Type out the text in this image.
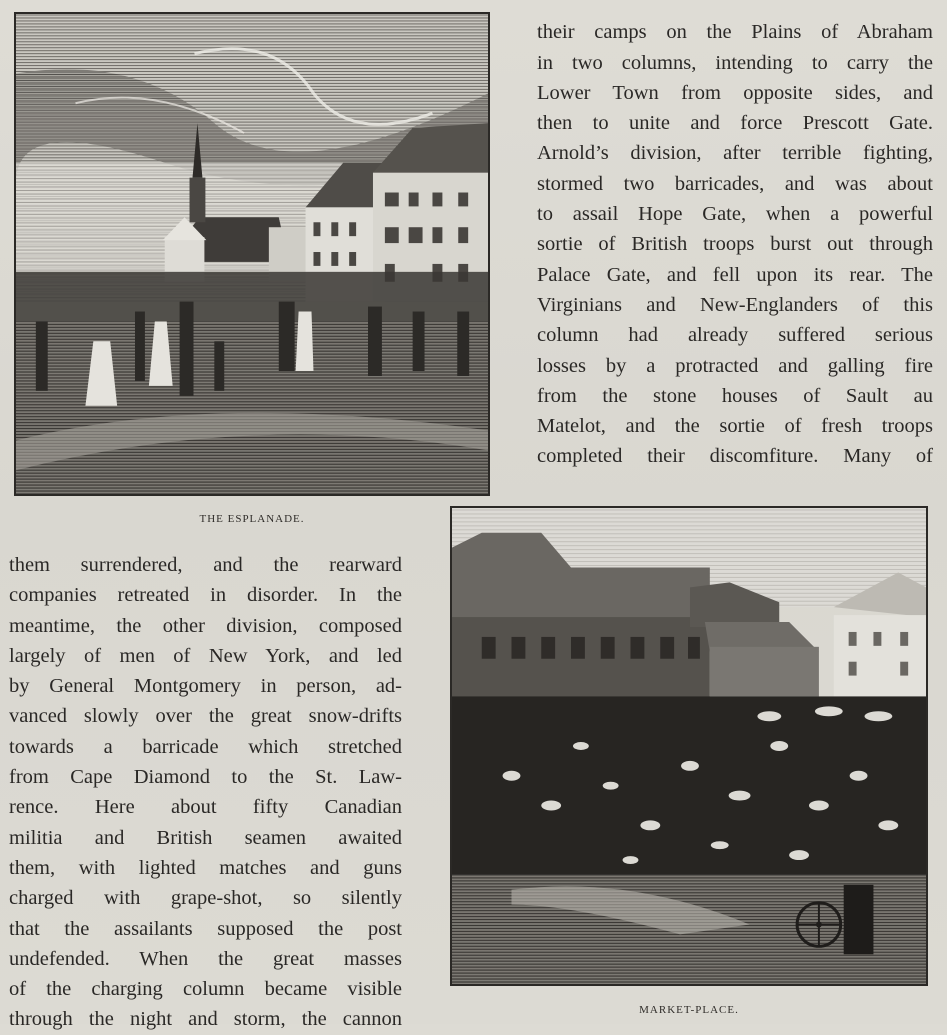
their camps on the Plains of Abraham
in two columns, intending to carry the
Lower Town from opposite sides, and
then to unite and force Prescott Gate.
Arnold’s division, after terrible fighting,
stormed two barricades, and was about
to assail Hope Gate, when a powerful
sortie of British troops burst out through
Palace Gate, and fell upon its rear. The
Virginians and New-Englanders of this
column had already suffered serious
losses by a protracted and galling fire
from the stone houses of Sault au
Matelot, and the sortie of fresh troops
completed their discomfiture. Many of
THE ESPLANADE.
them surrendered, and the rearward
companies retreated in disorder. In the
meantime, the other division, composed
largely of men of New York, and led
by General Montgomery in person, ad-
vanced slowly over the great snow-drifts
towards a barricade which stretched
from Cape Diamond to the St. Law-
rence. Here about fifty Canadian
militia and British seamen awaited
them, with lighted matches and guns
charged with grape-shot, so silently
that the assailants supposed the post
undefended. When the great masses
of the charging column became visible
through the night and storm, the cannon	MARKET-PLACE.
